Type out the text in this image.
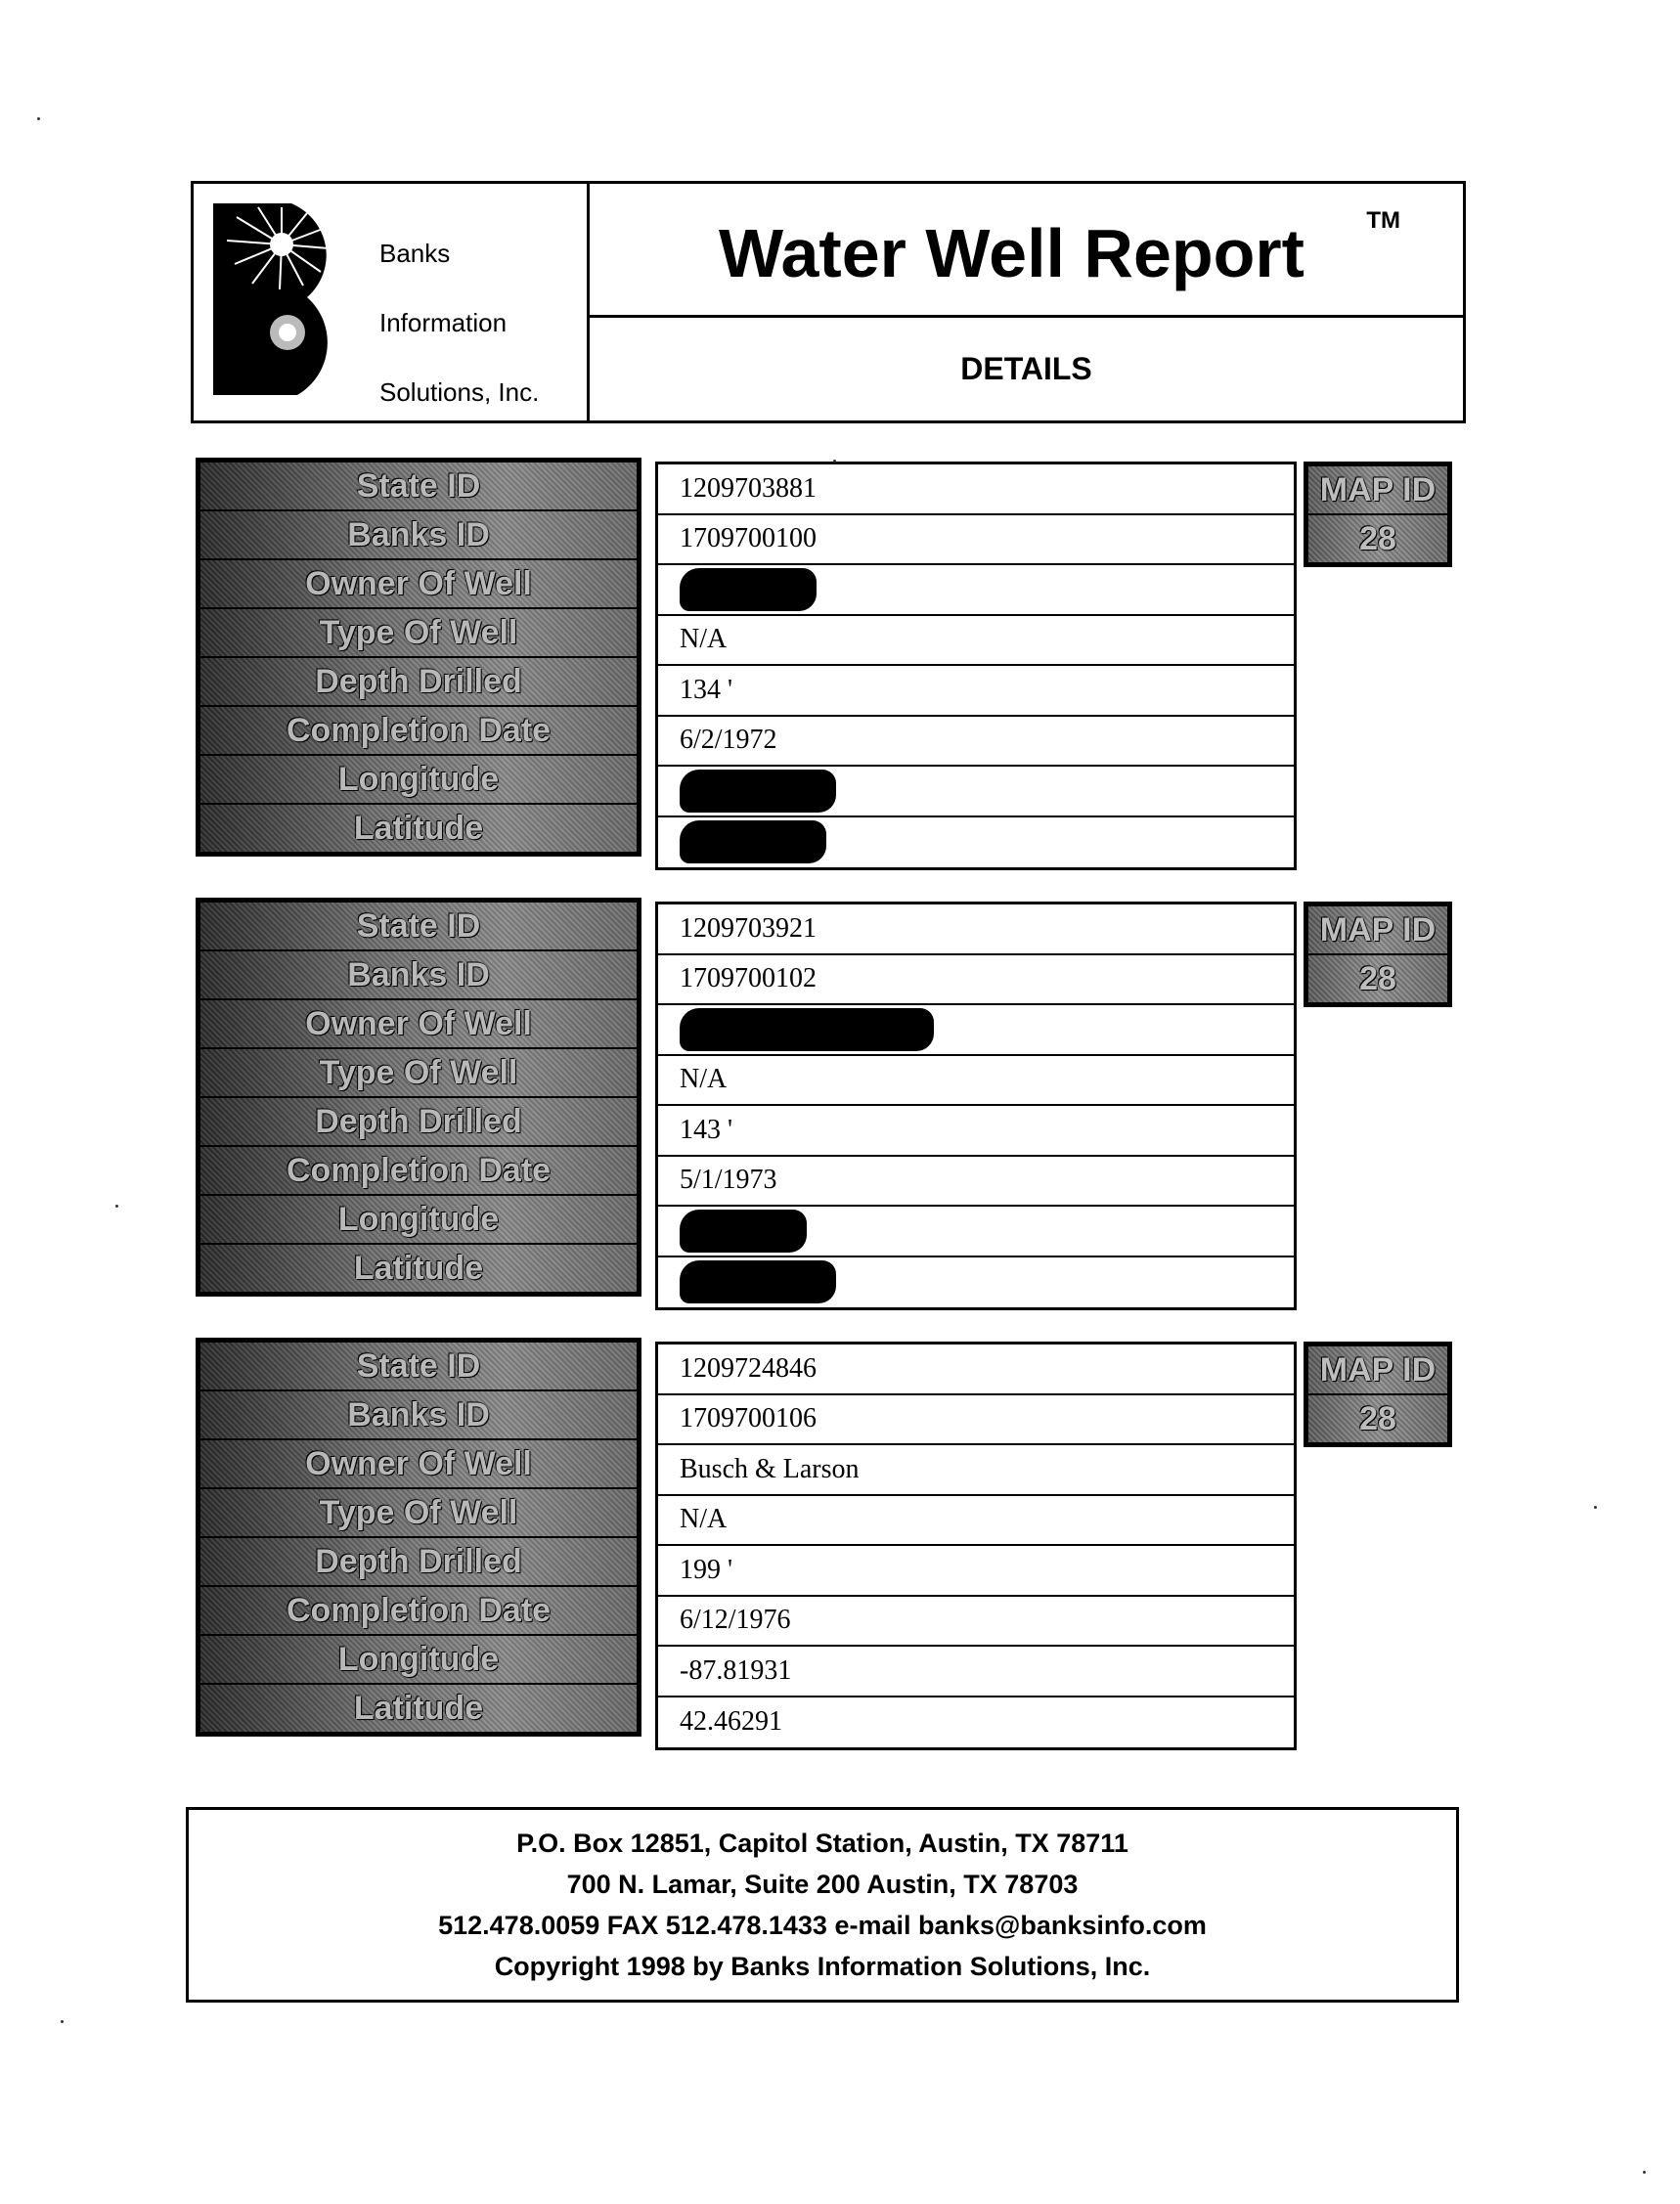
Banks
Information
Solutions, Inc.
Water Well Report	TM
DETAILS
State ID
Banks ID
Owner Of Well
Type Of Well
Depth Drilled
Completion Date
Longitude
Latitude
1209703881
1709700100
N/A
134 '
6/2/1972
MAP ID
28
State ID
Banks ID
Owner Of Well
Type Of Well
Depth Drilled
Completion Date
Longitude
Latitude
1209703921
1709700102
N/A
143 '
5/1/1973
MAP ID
28
State ID
Banks ID
Owner Of Well
Type Of Well
Depth Drilled
Completion Date
Longitude
Latitude
1209724846
1709700106
Busch & Larson
N/A
199 '
6/12/1976
-87.81931
42.46291
MAP ID
28
P.O. Box 12851, Capitol Station, Austin, TX 78711
700 N. Lamar, Suite 200 Austin, TX 78703
512.478.0059 FAX 512.478.1433 e-mail banks@banksinfo.com
Copyright 1998 by Banks Information Solutions, Inc.
